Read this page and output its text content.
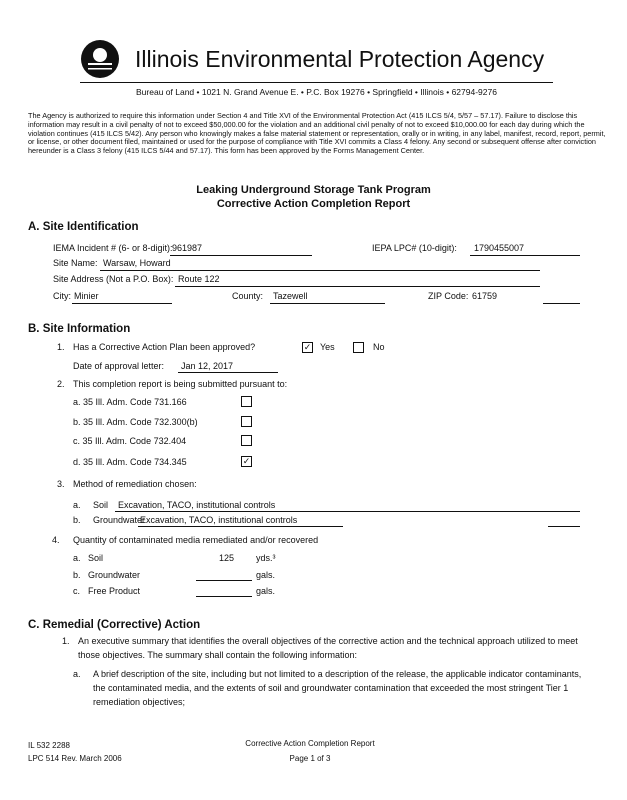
Illinois Environmental Protection Agency
Bureau of Land • 1021 N. Grand Avenue E. • P.C. Box 19276 • Springfield • Illinois • 62794-9276
The Agency is authorized to require this information under Section 4 and Title XVI of the Environmental Protection Act (415 ILCS 5/4, 5/57 – 57.17). Failure to disclose this information may result in a civil penalty of not to exceed $50,000.00 for the violation and an additional civil penalty of not to exceed $10,000.00 for each day during which the violation continues (415 ILCS 5/42). Any person who knowingly makes a false material statement or representation, orally or in writing, in any label, manifest, record, report, permit, or license, or other document filed, maintained or used for the purpose of compliance with Title XVI commits a Class 4 felony. Any second or subsequent offense after conviction hereunder is a Class 3 felony (415 ILCS 5/44 and 57.17). This form has been approved by the Forms Management Center.
Leaking Underground Storage Tank Program
Corrective Action Completion Report
A. Site Identification
IEMA Incident # (6- or 8-digit): 961987	IEPA LPC# (10-digit): 1790455007
Site Name: Warsaw, Howard
Site Address (Not a P.O. Box): Route 122
City: Minier	County: Tazewell	ZIP Code: 61759
B. Site Information
1. Has a Corrective Action Plan been approved?	✓ Yes	No
Date of approval letter: Jan 12, 2017
2. This completion report is being submitted pursuant to:
a. 35 Ill. Adm. Code 731.166
b. 35 Ill. Adm. Code 732.300(b)
c. 35 Ill. Adm. Code 732.404
d. 35 Ill. Adm. Code 734.345	✓
3. Method of remediation chosen:
a. Soil Excavation, TACO, institutional controls
b. Groundwater
Excavation, TACO, institutional controls
4. Quantity of contaminated media remediated and/or recovered
a. Soil	125 yds.³
b. Groundwater	gals.
c. Free Product	gals.
C. Remedial (Corrective) Action
1. An executive summary that identifies the overall objectives of the corrective action and the technical approach utilized to meet those objectives. The summary shall contain the following information:
a. A brief description of the site, including but not limited to a description of the release, the applicable indicator contaminants, the contaminated media, and the extents of soil and groundwater contamination that exceeded the most stringent Tier 1 remediation objectives;
IL 532 2288
LPC 514 Rev. March 2006
Corrective Action Completion Report
Page 1 of 3
